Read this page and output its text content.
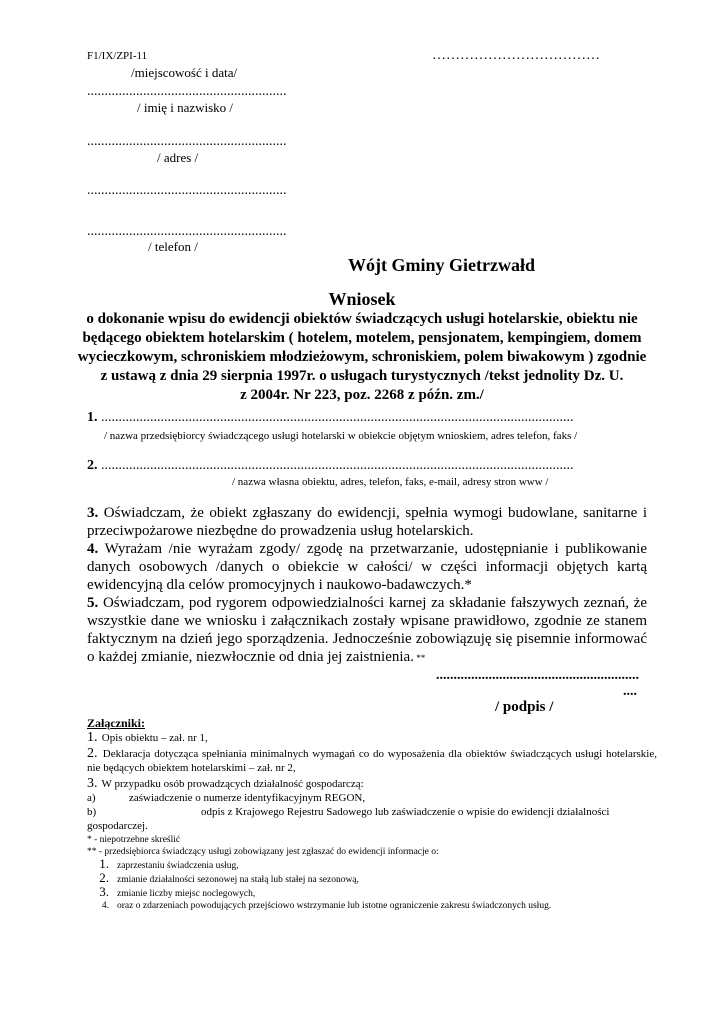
F1/IX/ZPI-11	………………………………
/miejscowość i data/
.........................................................
/ imię i nazwisko /
.........................................................
/ adres /
.........................................................
.........................................................
/ telefon /
Wójt Gminy Gietrzwałd
Wniosek
o dokonanie wpisu do ewidencji obiektów świadczących usługi hotelarskie, obiektu nie
będącego obiektem hotelarskim ( hotelem, motelem, pensjonatem, kempingiem, domem
wycieczkowym, schroniskiem młodzieżowym, schroniskiem, polem biwakowym ) zgodnie
z ustawą z dnia 29 sierpnia 1997r. o usługach turystycznych /tekst jednolity Dz. U.
z 2004r. Nr 223, poz. 2268 z późn. zm./
1. .......................................................................................................................................
/ nazwa przedsiębiorcy świadczącego usługi hotelarski w obiekcie objętym wnioskiem, adres telefon, faks /
2. .......................................................................................................................................
/ nazwa własna obiektu, adres, telefon, faks, e-mail, adresy stron www /

3. Oświadczam, że obiekt zgłaszany do ewidencji, spełnia wymogi budowlane, sanitarne i przeciwpożarowe niezbędne do prowadzenia usług hotelarskich.

4. Wyrażam /nie wyrażam zgody/ zgodę na przetwarzanie, udostępnianie i publikowanie danych osobowych /danych o obiekcie w całości/ w części informacji objętych kartą ewidencyjną dla celów promocyjnych i naukowo-badawczych.*

5. Oświadczam, pod rygorem odpowiedzialności karnej za składanie fałszywych zeznań, że wszystkie dane we wniosku i załącznikach zostały wpisane prawidłowo, zgodnie ze stanem faktycznym na dzień jego sporządzenia. Jednocześnie zobowiązuję się pisemnie informować o każdej zmianie, niezwłocznie od dnia jej zaistnienia. **

..........................................................
....
/ podpis /
Załączniki:
1. Opis obiektu – zał. nr 1,
2. Deklaracja dotycząca spełniania minimalnych wymagań co do wyposażenia dla obiektów świadczących usługi hotelarskie, nie będących obiektem hotelarskimi – zał. nr 2,
3. W przypadku osób prowadzących działalność gospodarczą:
a)	zaświadczenie o numerze identyfikacyjnym REGON,
b)	odpis z Krajowego Rejestru Sadowego lub zaświadczenie o wpisie do ewidencji działalności gospodarczej.
* - niepotrzebne skreślić
** - przedsiębiorca świadczący usługi zobowiązany jest zgłaszać do ewidencji informacje o:
1. zaprzestaniu świadczenia usług,
2. zmianie działalności sezonowej na stałą lub stałej na sezonową,
3. zmianie liczby miejsc noclegowych,
4. oraz o zdarzeniach powodujących przejściowo wstrzymanie lub istotne ograniczenie zakresu świadczonych usług.
